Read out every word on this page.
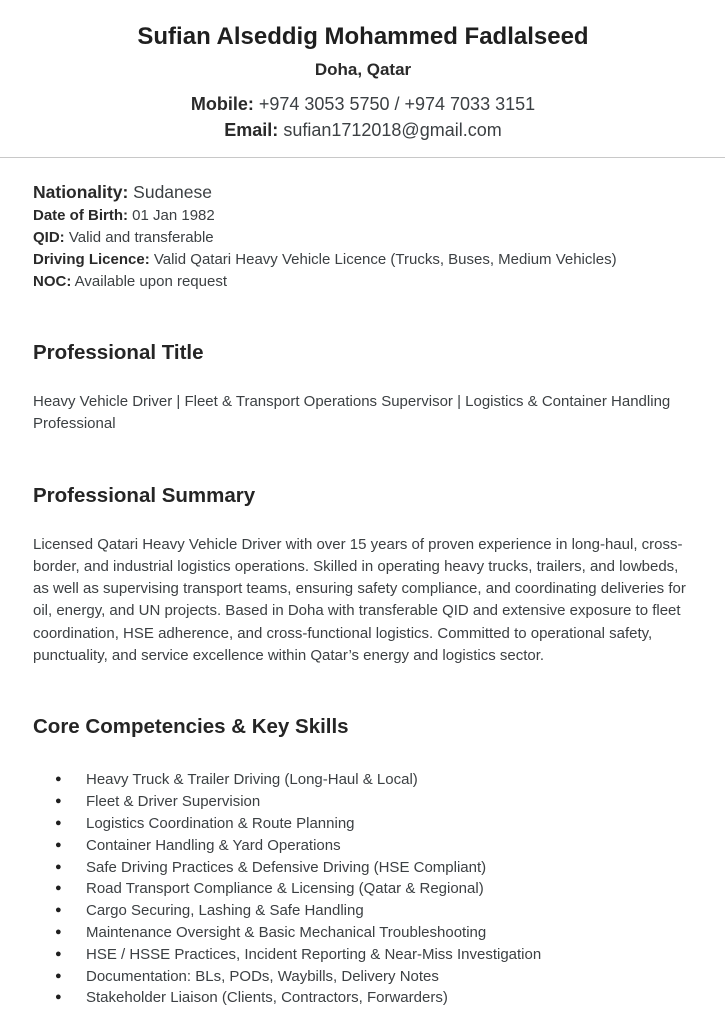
Sufian Alseddig Mohammed Fadlalseed
Doha, Qatar
Mobile: +974 3053 5750 / +974 7033 3151
Email: sufian1712018@gmail.com
Nationality: Sudanese
Date of Birth: 01 Jan 1982
QID: Valid and transferable
Driving Licence: Valid Qatari Heavy Vehicle Licence (Trucks, Buses, Medium Vehicles)
NOC: Available upon request
Professional Title

Heavy Vehicle Driver | Fleet & Transport Operations Supervisor | Logistics & Container Handling Professional

Professional Summary

Licensed Qatari Heavy Vehicle Driver with over 15 years of proven experience in long-haul, cross-border, and industrial logistics operations. Skilled in operating heavy trucks, trailers, and lowbeds, as well as supervising transport teams, ensuring safety compliance, and coordinating deliveries for oil, energy, and UN projects. Based in Doha with transferable QID and extensive exposure to fleet coordination, HSE adherence, and cross-functional logistics. Committed to operational safety, punctuality, and service excellence within Qatar’s energy and logistics sector.

Core Competencies & Key Skills
●	Heavy Truck & Trailer Driving (Long-Haul & Local)
●	Fleet & Driver Supervision
●	Logistics Coordination & Route Planning
●	Container Handling & Yard Operations
●	Safe Driving Practices & Defensive Driving (HSE Compliant)
●	Road Transport Compliance & Licensing (Qatar & Regional)
●	Cargo Securing, Lashing & Safe Handling
●	Maintenance Oversight & Basic Mechanical Troubleshooting
●	HSE / HSSE Practices, Incident Reporting & Near-Miss Investigation
●	Documentation: BLs, PODs, Waybills, Delivery Notes
●	Stakeholder Liaison (Clients, Contractors, Forwarders)
